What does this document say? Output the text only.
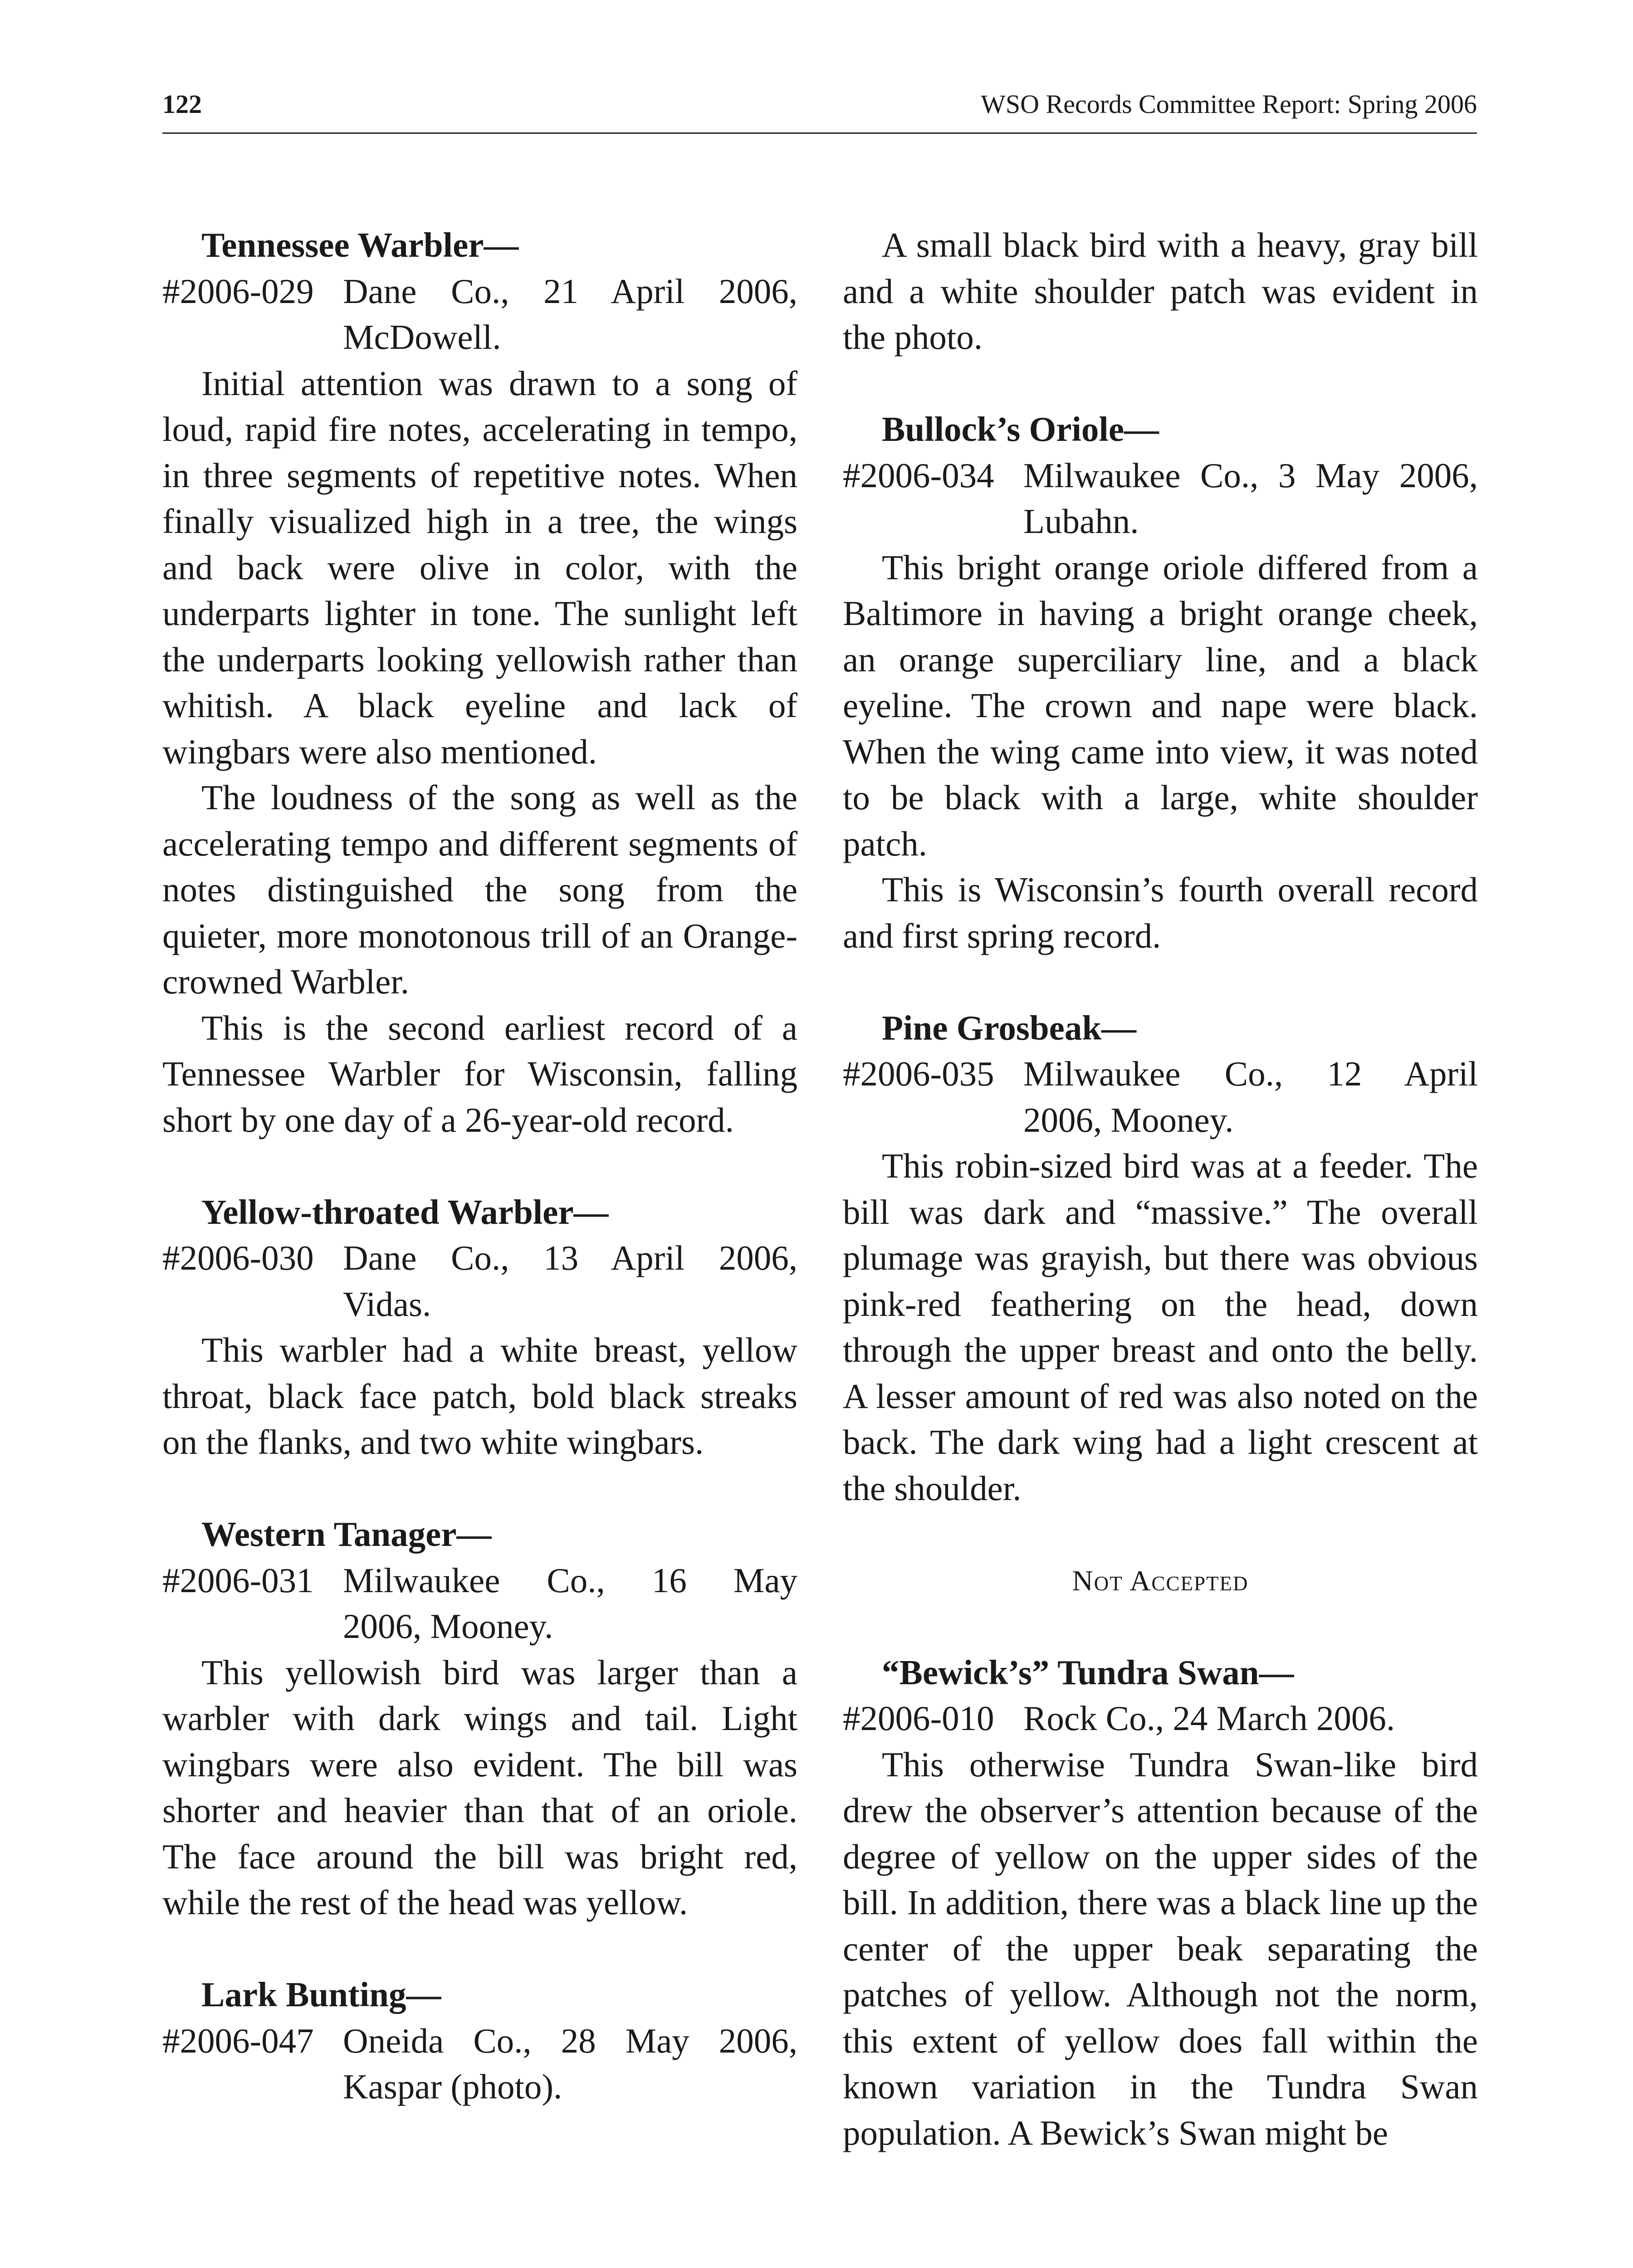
122	WSO Records Committee Report: Spring 2006

Tennessee Warbler—

#2006-029 Dane Co., 21 April 2006,

McDowell.

Initial attention was drawn to a song of loud, rapid fire notes, accelerating in tempo, in three segments of repetitive notes. When finally visualized high in a tree, the wings and back were olive in color, with the underparts lighter in tone. The sunlight left the underparts looking yellowish rather than whitish. A black eyeline and lack of wingbars were also mentioned.

The loudness of the song as well as the accelerating tempo and different segments of notes distinguished the song from the quieter, more monotonous trill of an Orange-crowned Warbler.

This is the second earliest record of a Tennessee Warbler for Wisconsin, falling short by one day of a 26-year-old record.

Yellow-throated Warbler—

#2006-030 Dane Co., 13 April 2006,

Vidas.

This warbler had a white breast, yellow throat, black face patch, bold black streaks on the flanks, and two white wingbars.

Western Tanager—

#2006-031 Milwaukee Co., 16 May

2006, Mooney.

This yellowish bird was larger than a warbler with dark wings and tail. Light wingbars were also evident. The bill was shorter and heavier than that of an oriole. The face around the bill was bright red, while the rest of the head was yellow.

Lark Bunting—

#2006-047 Oneida Co., 28 May 2006,

Kaspar (photo).

A small black bird with a heavy, gray bill and a white shoulder patch was evident in the photo.

Bullock’s Oriole—

#2006-034 Milwaukee Co., 3 May 2006,

Lubahn.

This bright orange oriole differed from a Baltimore in having a bright orange cheek, an orange superciliary line, and a black eyeline. The crown and nape were black. When the wing came into view, it was noted to be black with a large, white shoulder patch.

This is Wisconsin’s fourth overall record and first spring record.

Pine Grosbeak—

#2006-035 Milwaukee Co., 12 April

2006, Mooney.

This robin-sized bird was at a feeder. The bill was dark and “massive.” The overall plumage was grayish, but there was obvious pink-red feathering on the head, down through the upper breast and onto the belly. A lesser amount of red was also noted on the back. The dark wing had a light crescent at the shoulder.

Not Accepted

“Bewick’s” Tundra Swan—

#2006-010 Rock Co., 24 March 2006.

This otherwise Tundra Swan-like bird drew the observer’s attention because of the degree of yellow on the upper sides of the bill. In addition, there was a black line up the center of the upper beak separating the patches of yellow. Although not the norm, this extent of yellow does fall within the known variation in the Tundra Swan population. A Bewick’s Swan might be
